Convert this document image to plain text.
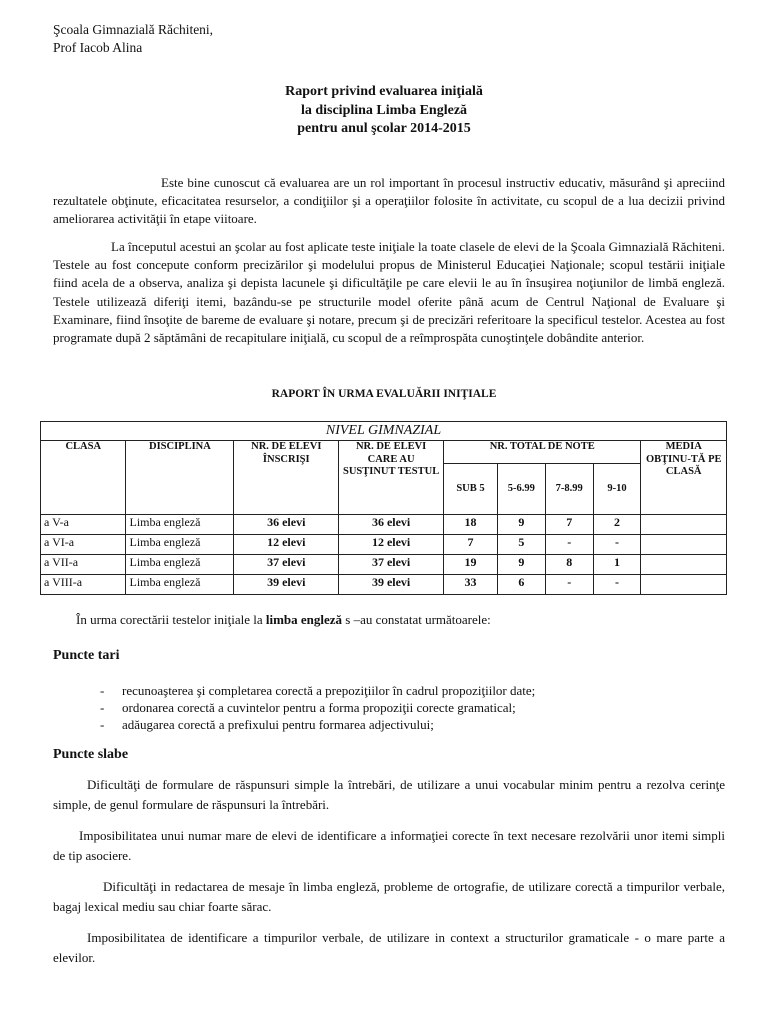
Şcoala Gimnazială Răchiteni,
Prof Iacob Alina
Raport privind evaluarea iniţială
la disciplina Limba Engleză
pentru anul şcolar 2014-2015

Este bine cunoscut că evaluarea are un rol important în procesul instructiv educativ, măsurând şi apreciind rezultatele obţinute, eficacitatea resurselor, a condiţiilor şi a operaţiilor folosite în activitate, cu scopul de a lua decizii privind ameliorarea activităţii în etape viitoare.

La începutul acestui an şcolar au fost aplicate teste iniţiale la toate clasele de elevi de la Şcoala Gimnazială Răchiteni. Testele au fost concepute conform precizărilor şi modelului propus de Ministerul Educaţiei Naţionale; scopul testării iniţiale fiind acela de a observa, analiza şi depista lacunele şi dificultăţile pe care elevii le au în însuşirea noţiunilor de limbă engleză. Testele utilizează diferiţi itemi, bazându-se pe structurile model oferite până acum de Centrul Naţional de Evaluare şi Examinare, fiind însoţite de bareme de evaluare şi notare, precum şi de precizări referitoare la specificul testelor. Acestea au fost programate după 2 săptămâni de recapitulare iniţială, cu scopul de a reîmprospăta cunoştinţele dobândite anterior.

RAPORT ÎN URMA EVALUĂRII INIŢIALE
NIVEL GIMNAZIAL								
CLASA	DISCIPLINA	NR. DE ELEVI ÎNSCRIŞI	NR. DE ELEVI CARE AU SUSŢINUT TESTUL	NR. TOTAL DE NOTE				MEDIA OBŢINU-TĂ PE CLASĂ
				SUB 5	5-6.99	7-8.99	9-10	
a V-a	Limba engleză	36 elevi	36 elevi	18	9	7	2	
a VI-a	Limba engleză	12 elevi	12 elevi	7	5	-	-	
a VII-a	Limba engleză	37 elevi	37 elevi	19	9	8	1	
a VIII-a	Limba engleză	39 elevi	39 elevi	33	6	-	-	
În urma corectării testelor iniţiale la limba engleză s –au constatat următoarele:
Puncte tari
- recunoaşterea şi completarea corectă a prepoziţiilor în cadrul propoziţiilor date;
- ordonarea corectă a cuvintelor pentru a forma propoziţii corecte gramatical;
- adăugarea corectă a prefixului pentru formarea adjectivului;
Puncte slabe

Dificultăţi de formulare de răspunsuri simple la întrebări, de utilizare a unui vocabular minim pentru a rezolva cerinţe simple, de genul formulare de răspunsuri la întrebări.

Imposibilitatea unui numar mare de elevi de identificare a informaţiei corecte în text necesare rezolvării unor itemi simpli de tip asociere.

Dificultăţi in redactarea de mesaje în limba engleză, probleme de ortografie, de utilizare corectă a timpurilor verbale, bagaj lexical mediu sau chiar foarte sărac.

Imposibilitatea de identificare a timpurilor verbale, de utilizare in context a structurilor gramaticale - o mare parte a elevilor.
